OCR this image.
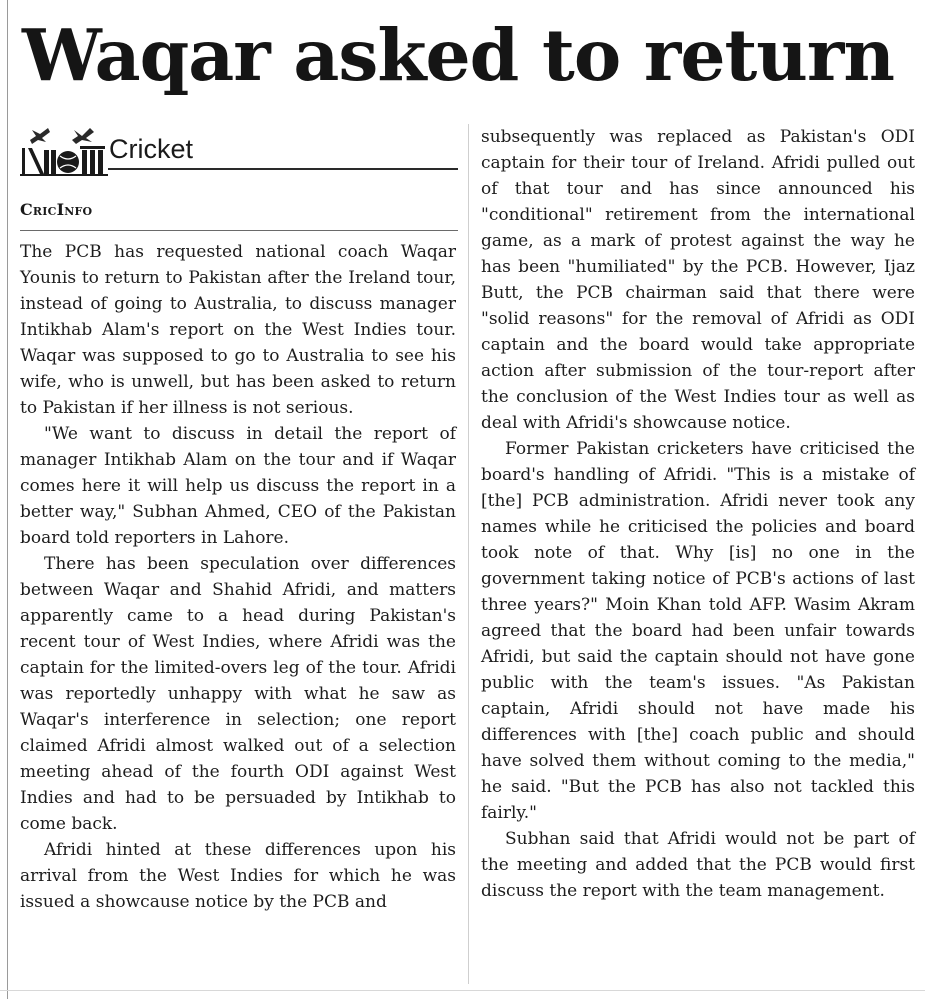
Waqar asked to return
Cricket
CricInfo

The PCB has requested national coach Waqar Younis to return to Pakistan after the Ireland tour, instead of going to Australia, to discuss manager Intikhab Alam's report on the West Indies tour. Waqar was supposed to go to Australia to see his wife, who is unwell, but has been asked to return to Pakistan if her illness is not serious.

"We want to discuss in detail the report of manager Intikhab Alam on the tour and if Waqar comes here it will help us discuss the report in a better way," Subhan Ahmed, CEO of the Pakistan board told reporters in Lahore.

There has been speculation over differences between Waqar and Shahid Afridi, and matters apparently came to a head during Pakistan's recent tour of West Indies, where Afridi was the captain for the limited-overs leg of the tour. Afridi was reportedly unhappy with what he saw as Waqar's interference in selection; one report claimed Afridi almost walked out of a selection meeting ahead of the fourth ODI against West Indies and had to be persuaded by Intikhab to come back.

Afridi hinted at these differences upon his arrival from the West Indies for which he was issued a showcause notice by the PCB and

subsequently was replaced as Pakistan's ODI captain for their tour of Ireland. Afridi pulled out of that tour and has since announced his "conditional" retirement from the international game, as a mark of protest against the way he has been "humiliated" by the PCB. However, Ijaz Butt, the PCB chairman said that there were "solid reasons" for the removal of Afridi as ODI captain and the board would take appropriate action after submission of the tour-report after the conclusion of the West Indies tour as well as deal with Afridi's showcause notice.

Former Pakistan cricketers have criticised the board's handling of Afridi. "This is a mistake of [the] PCB administration. Afridi never took any names while he criticised the policies and board took note of that. Why [is] no one in the government taking notice of PCB's actions of last three years?" Moin Khan told AFP. Wasim Akram agreed that the board had been unfair towards Afridi, but said the captain should not have gone public with the team's issues. "As Pakistan captain, Afridi should not have made his differences with [the] coach public and should have solved them without coming to the media," he said. "But the PCB has also not tackled this fairly."

Subhan said that Afridi would not be part of the meeting and added that the PCB would first discuss the report with the team management.
